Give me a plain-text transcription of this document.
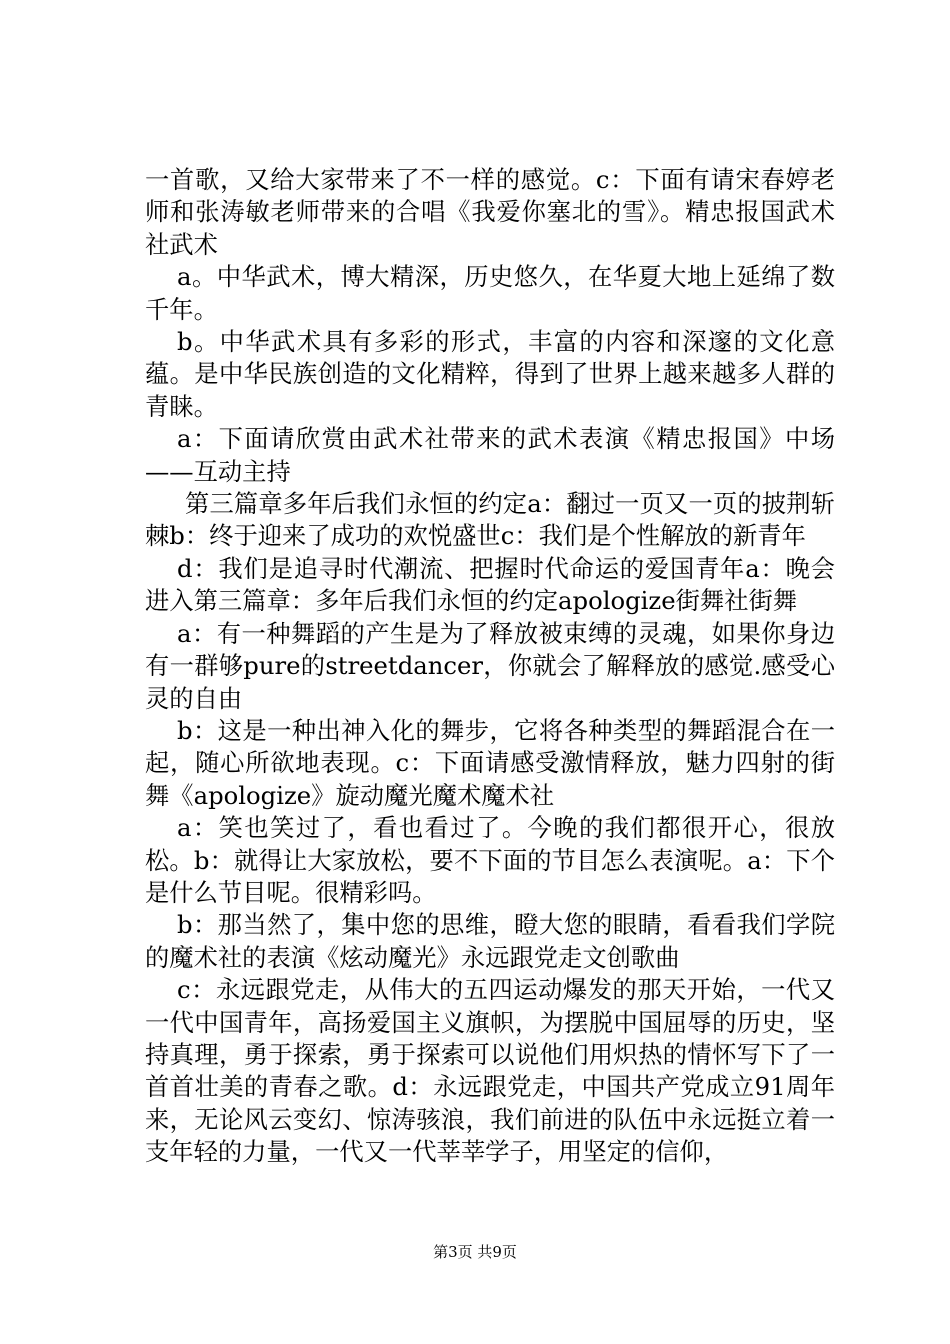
一首歌，又给大家带来了不一样的感觉。c：下面有请宋春婷老师和张涛敏老师带来的合唱《我爱你塞北的雪》。精忠报国武术社武术

a。中华武术，博大精深，历史悠久，在华夏大地上延绵了数千年。

b。中华武术具有多彩的形式，丰富的内容和深邃的文化意蕴。是中华民族创造的文化精粹，得到了世界上越来越多人群的青睐。

a：下面请欣赏由武术社带来的武术表演《精忠报国》中场——互动主持

第三篇章多年后我们永恒的约定a：翻过一页又一页的披荆斩棘b：终于迎来了成功的欢悦盛世c：我们是个性解放的新青年

d：我们是追寻时代潮流、把握时代命运的爱国青年a：晚会进入第三篇章：多年后我们永恒的约定apologize街舞社街舞

a：有一种舞蹈的产生是为了释放被束缚的灵魂，如果你身边有一群够pure的streetdancer，你就会了解释放的感觉.感受心灵的自由

b：这是一种出神入化的舞步，它将各种类型的舞蹈混合在一起，随心所欲地表现。c：下面请感受激情释放，魅力四射的街舞《apologize》旋动魔光魔术魔术社

a：笑也笑过了，看也看过了。今晚的我们都很开心，很放松。b：就得让大家放松，要不下面的节目怎么表演呢。a：下个是什么节目呢。很精彩吗。

b：那当然了，集中您的思维，瞪大您的眼睛，看看我们学院的魔术社的表演《炫动魔光》永远跟党走文创歌曲

c：永远跟党走，从伟大的五四运动爆发的那天开始，一代又一代中国青年，高扬爱国主义旗帜，为摆脱中国屈辱的历史，坚持真理，勇于探索，勇于探索可以说他们用炽热的情怀写下了一首首壮美的青春之歌。d：永远跟党走，中国共产党成立91周年来，无论风云变幻、惊涛骇浪，我们前进的队伍中永远挺立着一支年轻的力量，一代又一代莘莘学子，用坚定的信仰，

第3页 共9页
